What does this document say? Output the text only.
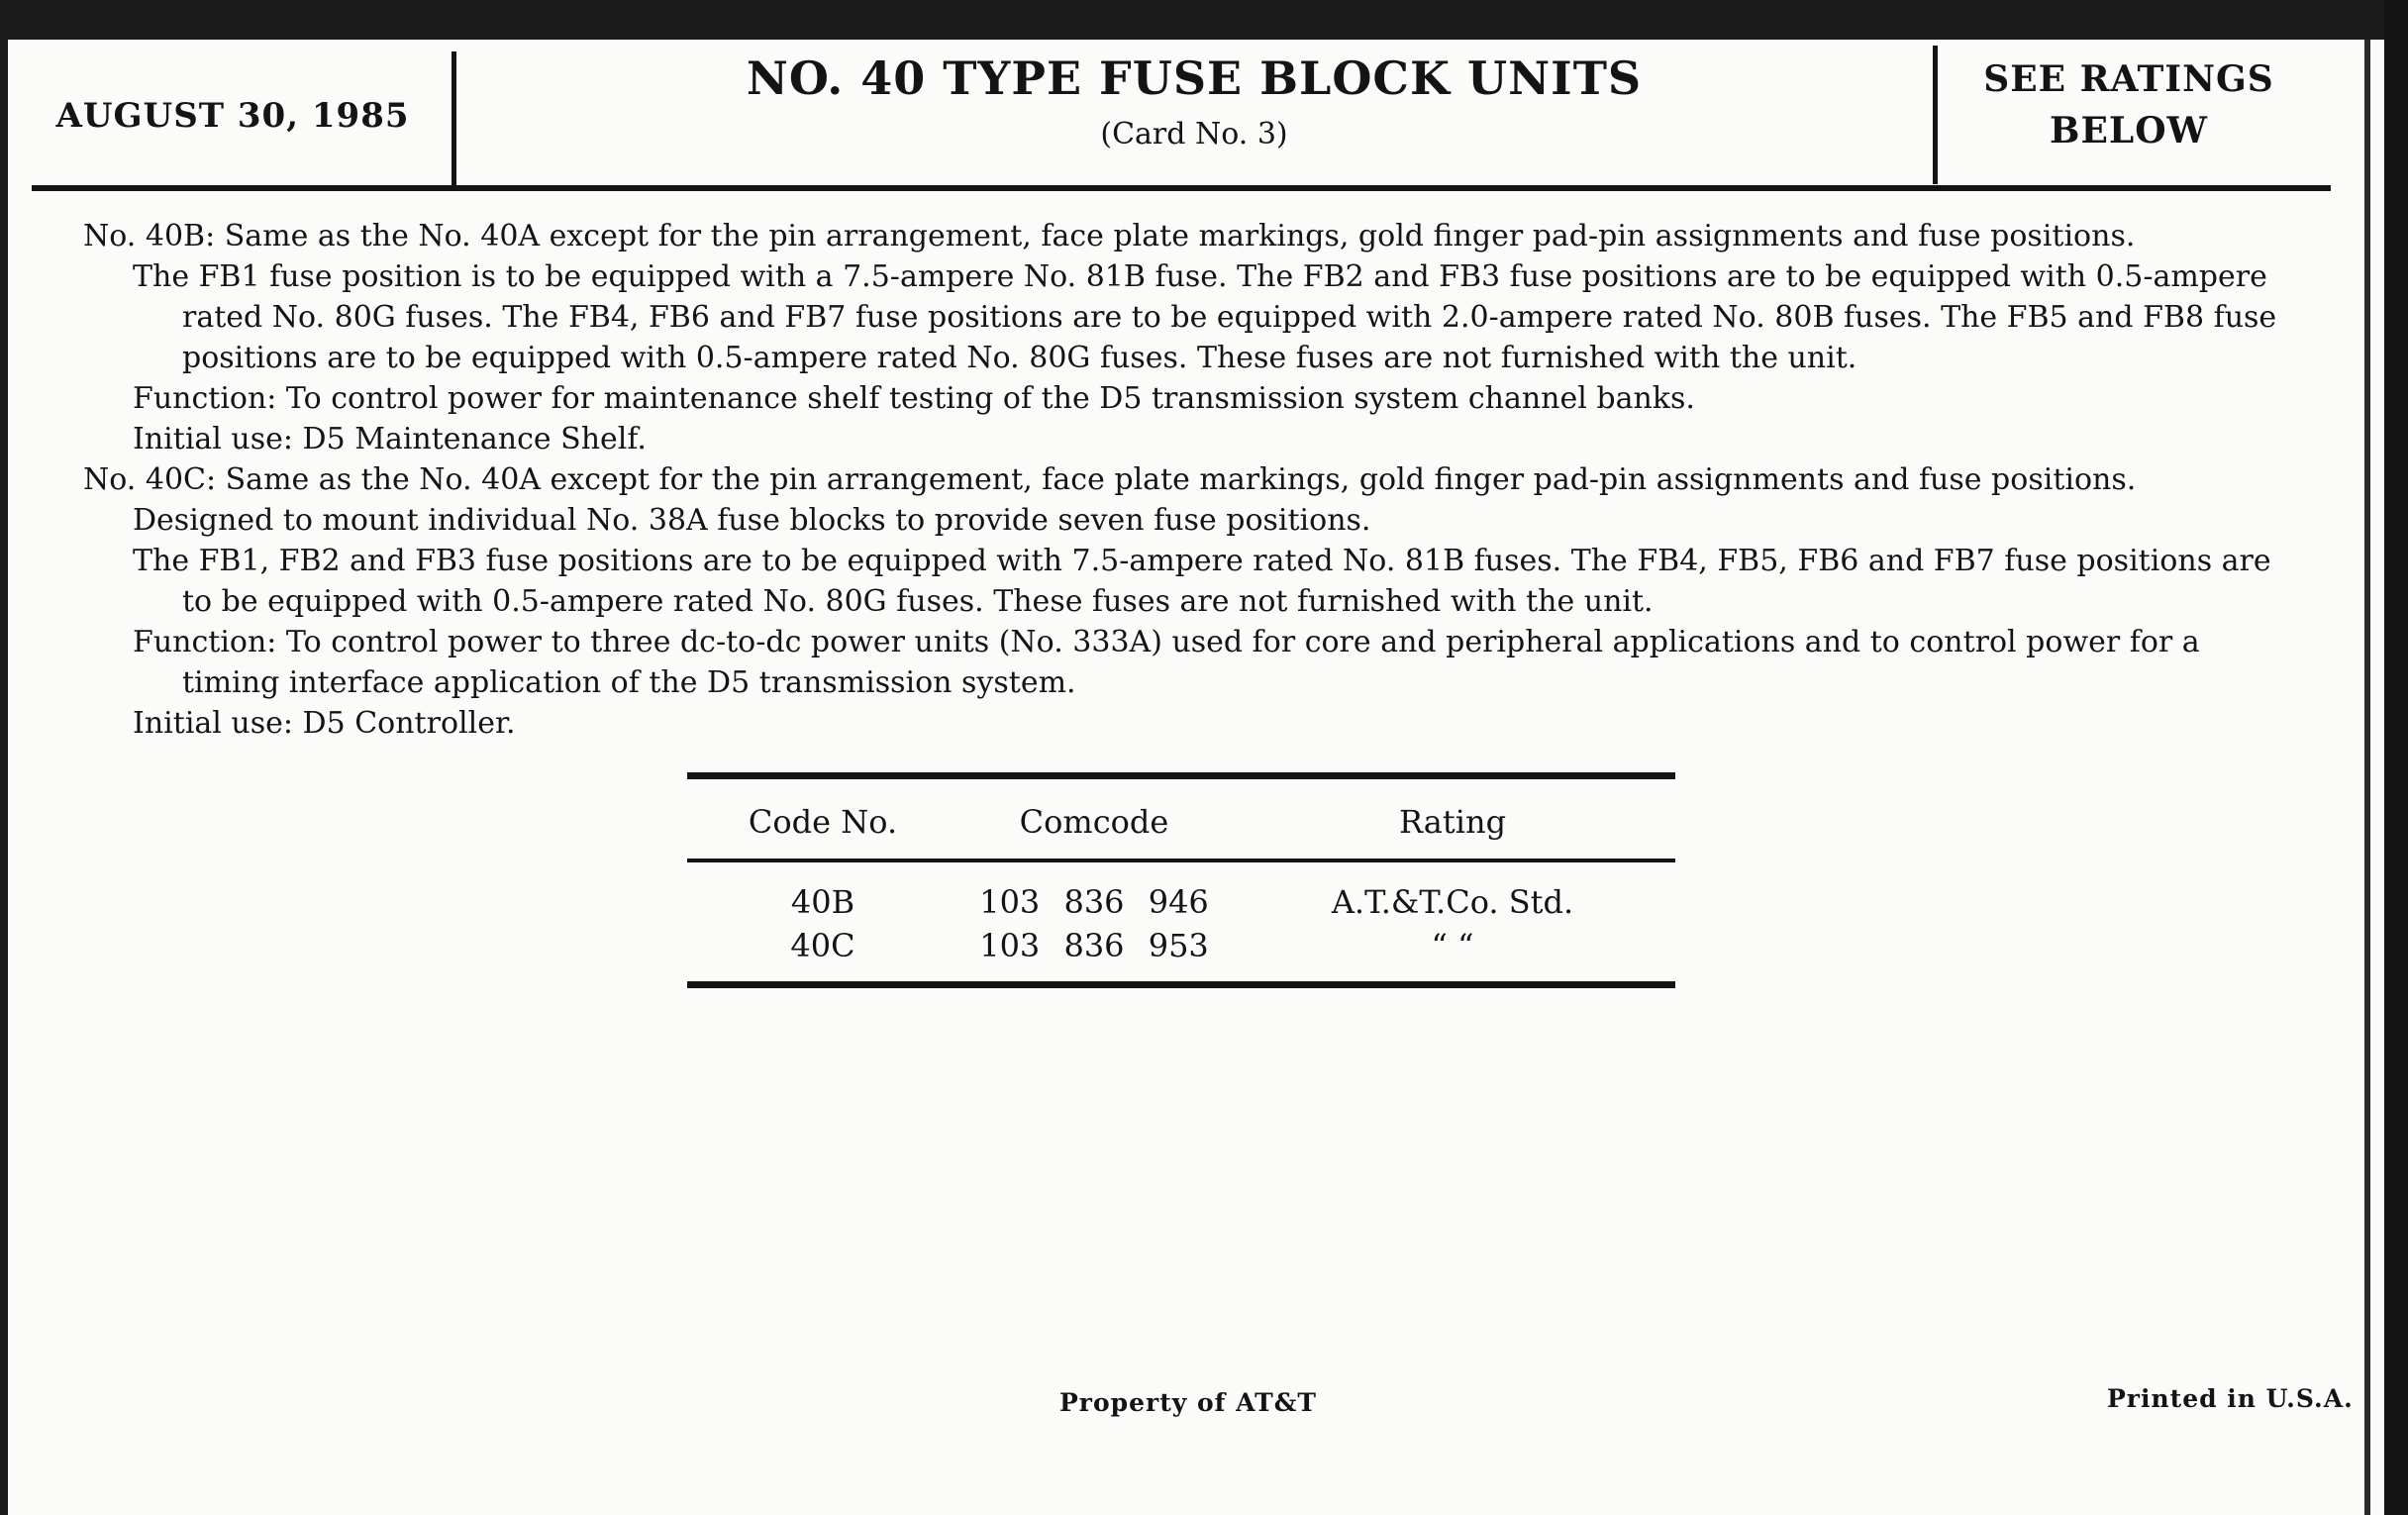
AUGUST 30, 1985
NO. 40 TYPE FUSE BLOCK UNITS
(Card No. 3)
SEE RATINGS
BELOW

No. 40B: Same as the No. 40A except for the pin arrangement, face plate markings, gold finger pad-pin assignments and fuse positions.

The FB1 fuse position is to be equipped with a 7.5-ampere No. 81B fuse. The FB2 and FB3 fuse positions are to be equipped with 0.5-ampere rated No. 80G fuses. The FB4, FB6 and FB7 fuse positions are to be equipped with 2.0-ampere rated No. 80B fuses. The FB5 and FB8 fuse positions are to be equipped with 0.5-ampere rated No. 80G fuses. These fuses are not furnished with the unit.

Function: To control power for maintenance shelf testing of the D5 transmission system channel banks.

Initial use: D5 Maintenance Shelf.

No. 40C: Same as the No. 40A except for the pin arrangement, face plate markings, gold finger pad-pin assignments and fuse positions.

Designed to mount individual No. 38A fuse blocks to provide seven fuse positions.

The FB1, FB2 and FB3 fuse positions are to be equipped with 7.5-ampere rated No. 81B fuses. The FB4, FB5, FB6 and FB7 fuse positions are to be equipped with 0.5-ampere rated No. 80G fuses. These fuses are not furnished with the unit.

Function: To control power to three dc-to-dc power units (No. 333A) used for core and peripheral applications and to control power for a timing interface application of the D5 transmission system.

Initial use: D5 Controller.

Code No.	Comcode	Rating
40B	103 836 946	A.T.&T.Co. Std.
40C	103 836 953	“ “
Property of AT&T	Printed in U.S.A.
